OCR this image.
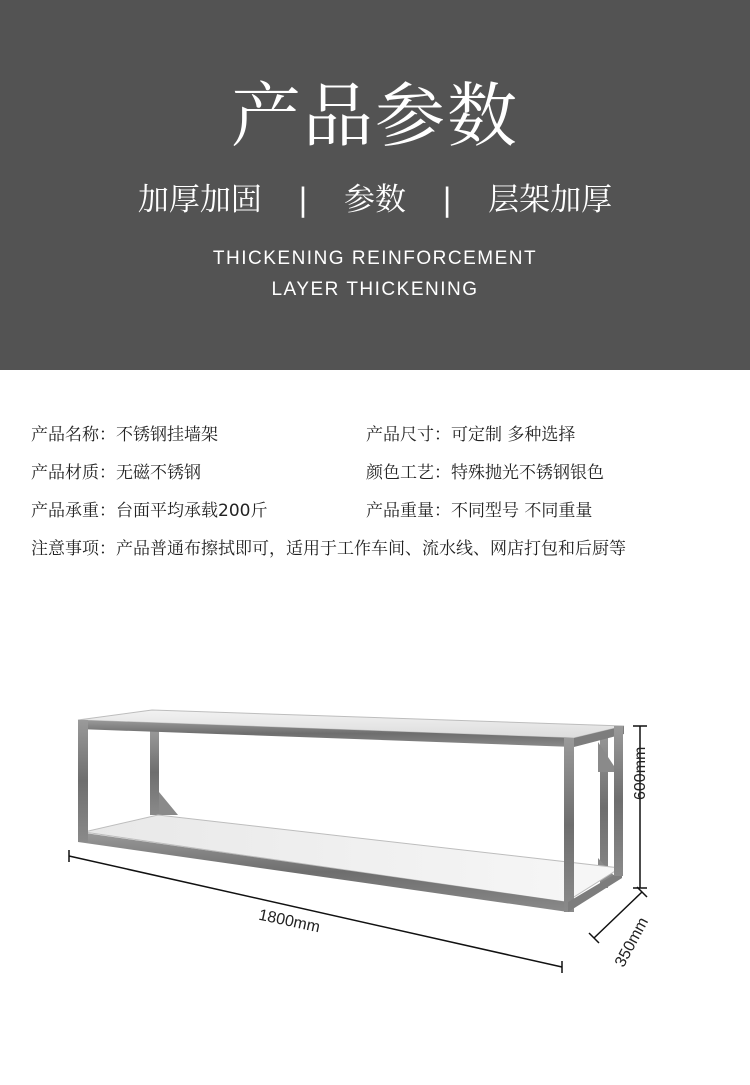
产品参数
加厚加固 | 参数 | 层架加厚
THICKENING REINFORCEMENT
LAYER THICKENING
产品名称：不锈钢挂墙架	产品尺寸：可定制 多种选择
产品材质：无磁不锈钢	颜色工艺：特殊抛光不锈钢银色
产品承重：台面平均承载200斤	产品重量：不同型号 不同重量
注意事项：产品普通布擦拭即可，适用于工作车间、流水线、网店打包和后厨等
1800mm
600mm
350mm
